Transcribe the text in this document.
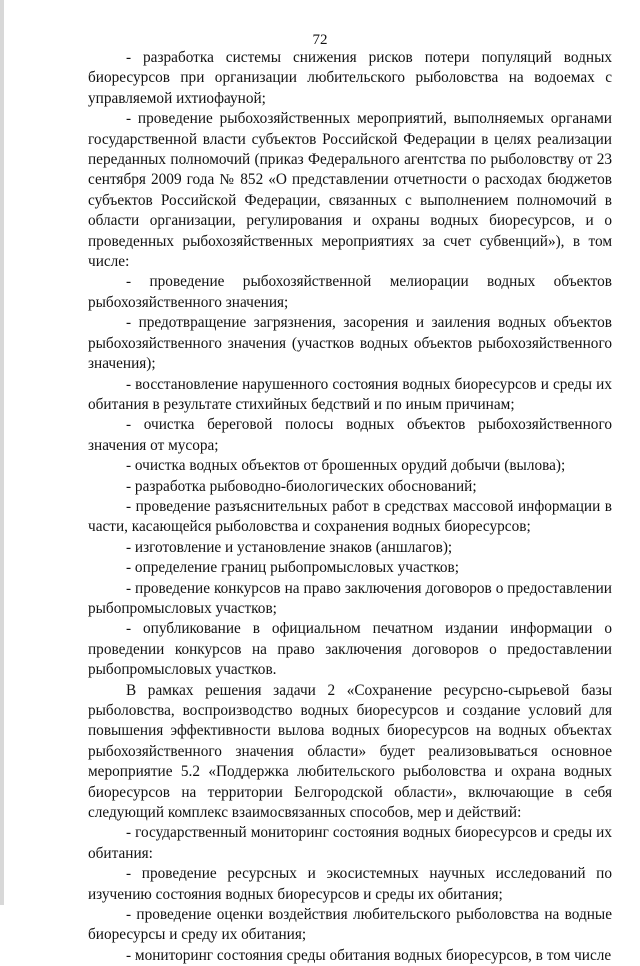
72

- разработка системы снижения рисков потери популяций водных биоресурсов при организации любительского рыболовства на водоемах с управляемой ихтиофауной;

- проведение рыбохозяйственных мероприятий, выполняемых органами государственной власти субъектов Российской Федерации в целях реализации переданных полномочий (приказ Федерального агентства по рыболовству от 23 сентября 2009 года № 852 «О представлении отчетности о расходах бюджетов субъектов Российской Федерации, связанных с выполнением полномочий в области организации, регулирования и охраны водных биоресурсов, и о проведенных рыбохозяйственных мероприятиях за счет субвенций»), в том числе:

- проведение рыбохозяйственной мелиорации водных объектов рыбохозяйственного значения;

- предотвращение загрязнения, засорения и заиления водных объектов рыбохозяйственного значения (участков водных объектов рыбохозяйственного значения);

- восстановление нарушенного состояния водных биоресурсов и среды их обитания в результате стихийных бедствий и по иным причинам;

- очистка береговой полосы водных объектов рыбохозяйственного значения от мусора;

- очистка водных объектов от брошенных орудий добычи (вылова);

- разработка рыбоводно-биологических обоснований;

- проведение разъяснительных работ в средствах массовой информации в части, касающейся рыболовства и сохранения водных биоресурсов;

- изготовление и установление знаков (аншлагов);

- определение границ рыбопромысловых участков;

- проведение конкурсов на право заключения договоров о предоставлении рыбопромысловых участков;

- опубликование в официальном печатном издании информации о проведении конкурсов на право заключения договоров о предоставлении рыбопромысловых участков.

В рамках решения задачи 2 «Сохранение ресурсно-сырьевой базы рыболовства, воспроизводство водных биоресурсов и создание условий для повышения эффективности вылова водных биоресурсов на водных объектах рыбохозяйственного значения области» будет реализовываться основное мероприятие 5.2 «Поддержка любительского рыболовства и охрана водных биоресурсов на территории Белгородской области», включающие в себя следующий комплекс взаимосвязанных способов, мер и действий:

- государственный мониторинг состояния водных биоресурсов и среды их обитания:

- проведение ресурсных и экосистемных научных исследований по изучению состояния водных биоресурсов и среды их обитания;

- проведение оценки воздействия любительского рыболовства на водные биоресурсы и среду их обитания;

- мониторинг состояния среды обитания водных биоресурсов, в том числе
